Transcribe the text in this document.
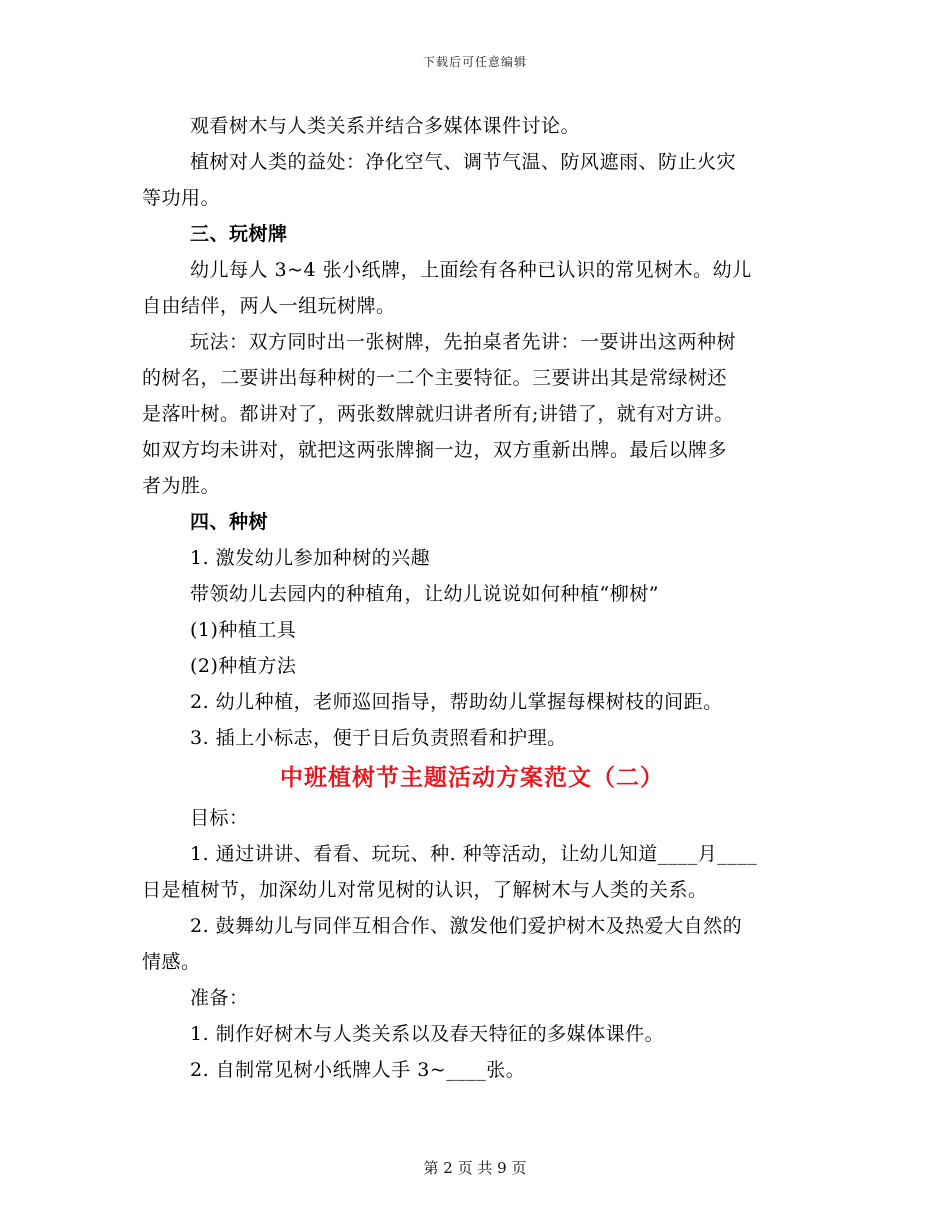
下载后可任意编辑

观看树木与人类关系并结合多媒体课件讨论。

植树对人类的益处：净化空气、调节气温、防风遮雨、防止火灾

等功用。

三、玩树牌

幼儿每人 3~4 张小纸牌，上面绘有各种已认识的常见树木。幼儿

自由结伴，两人一组玩树牌。

玩法：双方同时出一张树牌，先拍桌者先讲：一要讲出这两种树

的树名，二要讲出每种树的一二个主要特征。三要讲出其是常绿树还

是落叶树。都讲对了，两张数牌就归讲者所有;讲错了，就有对方讲。

如双方均未讲对，就把这两张牌搁一边，双方重新出牌。最后以牌多

者为胜。

四、种树

1. 激发幼儿参加种树的兴趣

带领幼儿去园内的种植角，让幼儿说说如何种植“柳树”

(1)种植工具

(2)种植方法

2. 幼儿种植，老师巡回指导，帮助幼儿掌握每棵树枝的间距。

3. 插上小标志，便于日后负责照看和护理。

中班植树节主题活动方案范文（二）

目标：

1. 通过讲讲、看看、玩玩、种. 种等活动，让幼儿知道____月____

日是植树节，加深幼儿对常见树的认识，了解树木与人类的关系。

2. 鼓舞幼儿与同伴互相合作、激发他们爱护树木及热爱大自然的

情感。

准备：

1. 制作好树木与人类关系以及春天特征的多媒体课件。

2. 自制常见树小纸牌人手 3~____张。

第 2 页 共 9 页
